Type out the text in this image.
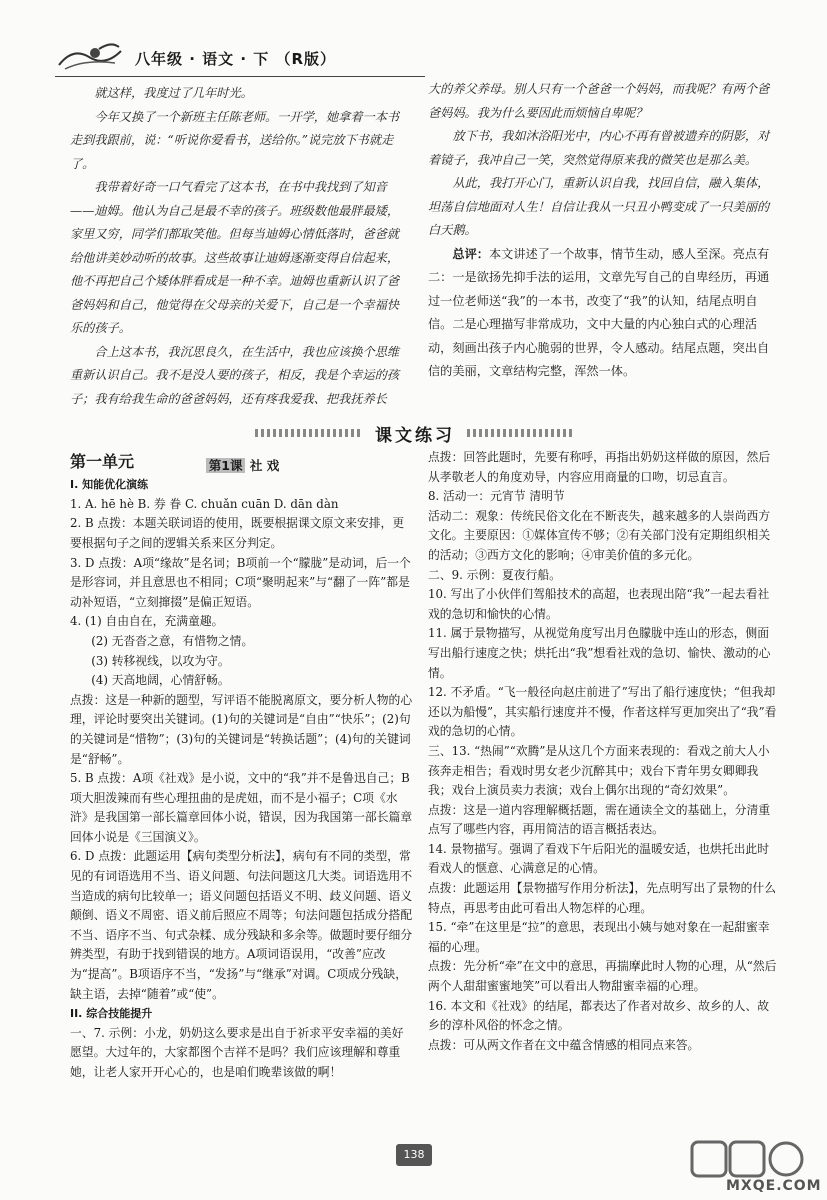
八年级 · 语文 · 下 （R版）

就这样，我度过了几年时光。

今年又换了一个新班主任陈老师。一开学，她拿着一本书走到我跟前，说：“听说你爱看书，送给你。”说完放下书就走了。

我带着好奇一口气看完了这本书，在书中我找到了知音——迪姆。他认为自己是最不幸的孩子。班级数他最胖最矮，家里又穷，同学们都取笑他。但每当迪姆心情低落时，爸爸就给他讲美妙动听的故事。这些故事让迪姆逐渐变得自信起来，他不再把自己个矮体胖看成是一种不幸。迪姆也重新认识了爸爸妈妈和自己，他觉得在父母亲的关爱下，自己是一个幸福快乐的孩子。

合上这本书，我沉思良久，在生活中，我也应该换个思维重新认识自己。我不是没人要的孩子，相反，我是个幸运的孩子；我有给我生命的爸爸妈妈，还有疼我爱我、把我抚养长

大的养父养母。别人只有一个爸爸一个妈妈，而我呢？有两个爸爸妈妈。我为什么要因此而烦恼自卑呢？

放下书，我如沐浴阳光中，内心不再有曾被遗弃的阴影，对着镜子，我冲自己一笑，突然觉得原来我的微笑也是那么美。

从此，我打开心门，重新认识自我，找回自信，融入集体，坦荡自信地面对人生！自信让我从一只丑小鸭变成了一只美丽的白天鹅。

总评：本文讲述了一个故事，情节生动，感人至深。亮点有二：一是欲扬先抑手法的运用，文章先写自己的自卑经历，再通过一位老师送“我”的一本书，改变了“我”的认知，结尾点明自信。二是心理描写非常成功，文中大量的内心独白式的心理活动，刻画出孩子内心脆弱的世界，令人感动。结尾点题，突出自信的美丽，文章结构完整，浑然一体。

课文练习
第一单元	第1课 社 戏

I. 知能优化演练

1. A. hē hè B. 券 眷 C. chuǎn cuān D. dān dàn

2. B 点拨：本题关联词语的使用，既要根据课文原文来安排，更要根据句子之间的逻辑关系来区分判定。

3. D 点拨：A项“缘故”是名词；B项前一个“朦胧”是动词，后一个是形容词，并且意思也不相同；C项“聚明起来”与“翻了一阵”都是动补短语，“立刻撺掇”是偏正短语。

4. (1) 自由自在，充满童趣。

(2) 无沓沓之意，有惜物之情。

(3) 转移视线，以攻为守。

(4) 天高地阔，心情舒畅。

点拨：这是一种新的题型，写评语不能脱离原文，要分析人物的心理，评论时要突出关键词。(1)句的关键词是“自由”“快乐”；(2)句的关键词是“惜物”；(3)句的关键词是“转换话题”；(4)句的关键词是“舒畅”。

5. B 点拨：A项《社戏》是小说，文中的“我”并不是鲁迅自己；B项大胆泼辣而有些心理扭曲的是虎妞，而不是小福子；C项《水浒》是我国第一部长篇章回体小说，错误，因为我国第一部长篇章回体小说是《三国演义》。

6. D 点拨：此题运用【病句类型分析法】，病句有不同的类型，常见的有词语选用不当、语义问题、句法问题这几大类。词语选用不当造成的病句比较单一；语义问题包括语义不明、歧义问题、语义颠倒、语义不周密、语义前后照应不周等；句法问题包括成分搭配不当、语序不当、句式杂糅、成分残缺和多余等。做题时要仔细分辨类型，有助于找到错误的地方。A项词语误用，“改善”应改为“提高”。B项语序不当，“发扬”与“继承”对调。C项成分残缺，缺主语，去掉“随着”或“使”。

II. 综合技能提升

一、7. 示例：小龙，奶奶这么要求是出自于祈求平安幸福的美好愿望。大过年的，大家都图个吉祥不是吗？我们应该理解和尊重她，让老人家开开心心的，也是咱们晚辈该做的啊！

点拨：回答此题时，先要有称呼，再指出奶奶这样做的原因，然后从孝敬老人的角度劝导，内容应用商量的口吻，切忌直言。

8. 活动一：元宵节 清明节

活动二：观象：传统民俗文化在不断丧失，越来越多的人崇尚西方文化。主要原因：①媒体宣传不够；②有关部门没有定期组织相关的活动；③西方文化的影响；④审美价值的多元化。

二、9. 示例：夏夜行船。

10. 写出了小伙伴们驾船技术的高超，也表现出陪“我”一起去看社戏的急切和愉快的心情。

11. 属于景物描写，从视觉角度写出月色朦胧中连山的形态，侧面写出船行速度之快；烘托出“我”想看社戏的急切、愉快、激动的心情。

12. 不矛盾。“飞一般径向赵庄前进了”写出了船行速度快；“但我却还以为船慢”，其实船行速度并不慢，作者这样写更加突出了“我”看戏的急切的心情。

三、13. “热闹”“欢腾”是从这几个方面来表现的：看戏之前大人小孩奔走相告；看戏时男女老少沉醉其中；戏台下青年男女卿卿我我；戏台上演员卖力表演；戏台上偶尔出现的“奇幻效果”。

点拨：这是一道内容理解概括题，需在通读全文的基础上，分清重点写了哪些内容，再用简洁的语言概括表达。

14. 景物描写。强调了看戏下午后阳光的温暖安适，也烘托出此时看戏人的惬意、心满意足的心情。

点拨：此题运用【景物描写作用分析法】，先点明写出了景物的什么特点，再思考由此可看出人物怎样的心理。

15. “牵”在这里是“拉”的意思，表现出小姨与她对象在一起甜蜜幸福的心理。

点拨：先分析“牵”在文中的意思，再揣摩此时人物的心理，从“然后两个人甜甜蜜蜜地笑”可以看出人物甜蜜幸福的心理。

16. 本文和《社戏》的结尾，都表达了作者对故乡、故乡的人、故乡的淳朴风俗的怀念之情。

点拨：可从两文作者在文中蕴含情感的相同点来答。

138
MXQE.COM
